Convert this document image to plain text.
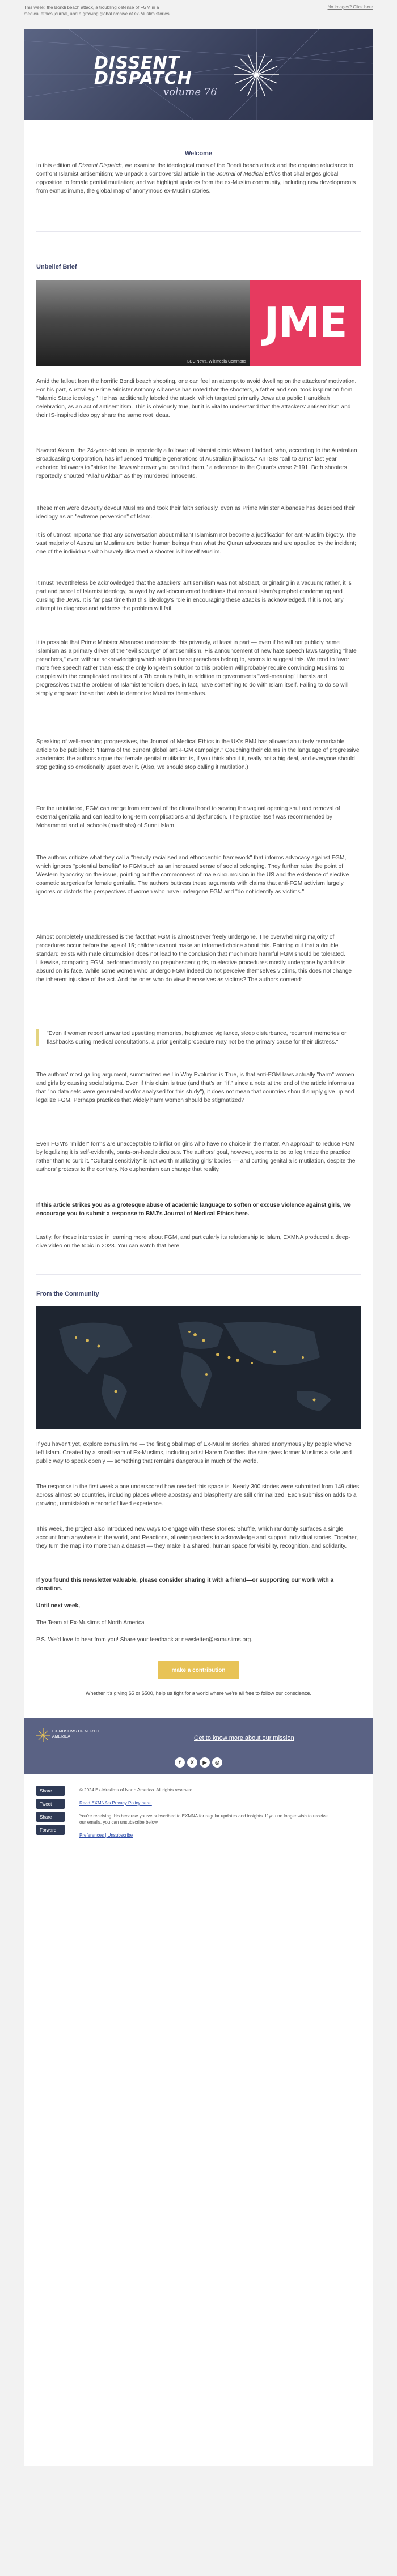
This week: the Bondi beach attack, a troubling defense of FGM in a medical ethics journal, and a growing global archive of ex-Muslim stories.
No images? Click here
DISSENT
DISPATCH
volume 76
Welcome
In this edition of Dissent Dispatch, we examine the ideological roots of the Bondi beach attack and the ongoing reluctance to confront Islamist antisemitism; we unpack a controversial article in the Journal of Medical Ethics that challenges global opposition to female genital mutilation; and we highlight updates from the ex-Muslim community, including new developments from exmuslim.me, the global map of anonymous ex-Muslim stories.
Unbelief Brief
JME
BBC News, Wikimedia Commons
Amid the fallout from the horrific Bondi beach shooting, one can feel an attempt to avoid dwelling on the attackers' motivation. For his part, Australian Prime Minister Anthony Albanese has noted that the shooters, a father and son, took inspiration from "Islamic State ideology." He has additionally labeled the attack, which targeted primarily Jews at a public Hanukkah celebration, as an act of antisemitism. This is obviously true, but it is vital to understand that the attackers' antisemitism and their IS-inspired ideology share the same root ideas.
Naveed Akram, the 24-year-old son, is reportedly a follower of Islamist cleric Wisam Haddad, who, according to the Australian Broadcasting Corporation, has influenced "multiple generations of Australian jihadists." An ISIS "call to arms" last year exhorted followers to "strike the Jews wherever you can find them," a reference to the Quran's verse 2:191. Both shooters reportedly shouted "Allahu Akbar" as they murdered innocents.
These men were devoutly devout Muslims and took their faith seriously, even as Prime Minister Albanese has described their ideology as an "extreme perversion" of Islam.
It is of utmost importance that any conversation about militant Islamism not become a justification for anti-Muslim bigotry. The vast majority of Australian Muslims are better human beings than what the Quran advocates and are appalled by the incident; one of the individuals who bravely disarmed a shooter is himself Muslim.
It must nevertheless be acknowledged that the attackers' antisemitism was not abstract, originating in a vacuum; rather, it is part and parcel of Islamist ideology, buoyed by well-documented traditions that recount Islam's prophet condemning and cursing the Jews. It is far past time that this ideology's role in encouraging these attacks is acknowledged. If it is not, any attempt to diagnose and address the problem will fail.
It is possible that Prime Minister Albanese understands this privately, at least in part — even if he will not publicly name Islamism as a primary driver of the "evil scourge" of antisemitism. His announcement of new hate speech laws targeting "hate preachers," even without acknowledging which religion these preachers belong to, seems to suggest this. We tend to favor more free speech rather than less; the only long-term solution to this problem will probably require convincing Muslims to grapple with the complicated realities of a 7th century faith, in addition to governments "well-meaning" liberals and progressives that the problem of Islamist terrorism does, in fact, have something to do with Islam itself. Failing to do so will simply empower those that wish to demonize Muslims themselves.
Speaking of well-meaning progressives, the Journal of Medical Ethics in the UK's BMJ has allowed an utterly remarkable article to be published: "Harms of the current global anti-FGM campaign." Couching their claims in the language of progressive academics, the authors argue that female genital mutilation is, if you think about it, really not a big deal, and everyone should stop getting so emotionally upset over it. (Also, we should stop calling it mutilation.)
For the uninitiated, FGM can range from removal of the clitoral hood to sewing the vaginal opening shut and removal of external genitalia and can lead to long-term complications and dysfunction. The practice itself was recommended by Mohammed and all schools (madhabs) of Sunni Islam.
The authors criticize what they call a "heavily racialised and ethnocentric framework" that informs advocacy against FGM, which ignores "potential benefits" to FGM such as an increased sense of social belonging. They further raise the point of Western hypocrisy on the issue, pointing out the commonness of male circumcision in the US and the existence of elective cosmetic surgeries for female genitalia. The authors buttress these arguments with claims that anti-FGM activism largely ignores or distorts the perspectives of women who have undergone FGM and "do not identify as victims."
Almost completely unaddressed is the fact that FGM is almost never freely undergone. The overwhelming majority of procedures occur before the age of 15; children cannot make an informed choice about this. Pointing out that a double standard exists with male circumcision does not lead to the conclusion that much more harmful FGM should be tolerated. Likewise, comparing FGM, performed mostly on prepubescent girls, to elective procedures mostly undergone by adults is absurd on its face. While some women who undergo FGM indeed do not perceive themselves victims, this does not change the inherent injustice of the act. And the ones who do view themselves as victims? The authors contend:
"Even if women report unwanted upsetting memories, heightened vigilance, sleep disturbance, recurrent memories or flashbacks during medical consultations, a prior genital procedure may not be the primary cause for their distress."
The authors' most galling argument, summarized well in Why Evolution is True, is that anti-FGM laws actually "harm" women and girls by causing social stigma. Even if this claim is true (and that's an "if," since a note at the end of the article informs us that "no data sets were generated and/or analysed for this study"), it does not mean that countries should simply give up and legalize FGM. Perhaps practices that widely harm women should be stigmatized?
Even FGM's "milder" forms are unacceptable to inflict on girls who have no choice in the matter. An approach to reduce FGM by legalizing it is self-evidently, pants-on-head ridiculous. The authors' goal, however, seems to be to legitimize the practice rather than to curb it. "Cultural sensitivity" is not worth mutilating girls' bodies — and cutting genitalia is mutilation, despite the authors' protests to the contrary. No euphemism can change that reality.
If this article strikes you as a grotesque abuse of academic language to soften or excuse violence against girls, we encourage you to submit a response to BMJ's Journal of Medical Ethics here.
Lastly, for those interested in learning more about FGM, and particularly its relationship to Islam, EXMNA produced a deep-dive video on the topic in 2023. You can watch that here.
From the Community
If you haven't yet, explore exmuslim.me — the first global map of Ex-Muslim stories, shared anonymously by people who've left Islam. Created by a small team of Ex-Muslims, including artist Harem Doodles, the site gives former Muslims a safe and public way to speak openly — something that remains dangerous in much of the world.
The response in the first week alone underscored how needed this space is. Nearly 300 stories were submitted from 149 cities across almost 50 countries, including places where apostasy and blasphemy are still criminalized. Each submission adds to a growing, unmistakable record of lived experience.
This week, the project also introduced new ways to engage with these stories: Shuffle, which randomly surfaces a single account from anywhere in the world, and Reactions, allowing readers to acknowledge and support individual stories. Together, they turn the map into more than a dataset — they make it a shared, human space for visibility, recognition, and solidarity.
If you found this newsletter valuable, please consider sharing it with a friend—or supporting our work with a donation.
Until next week,
The Team at Ex-Muslims of North America
P.S. We'd love to hear from you! Share your feedback at newsletter@exmuslims.org.
make a contribution
Whether it's giving $5 or $500, help us fight for a world where we're all free to follow our conscience.
EX-MUSLIMS OF NORTH AMERICA	Get to know more about our mission
f	X	▶	◎
Share
Tweet
Share
Forward
© 2024 Ex-Muslims of North America. All rights reserved.
Read EXMNA's Privacy Policy here.
You're receiving this because you've subscribed to EXMNA for regular updates and insights. If you no longer wish to receive our emails, you can unsubscribe below.
Preferences | Unsubscribe
